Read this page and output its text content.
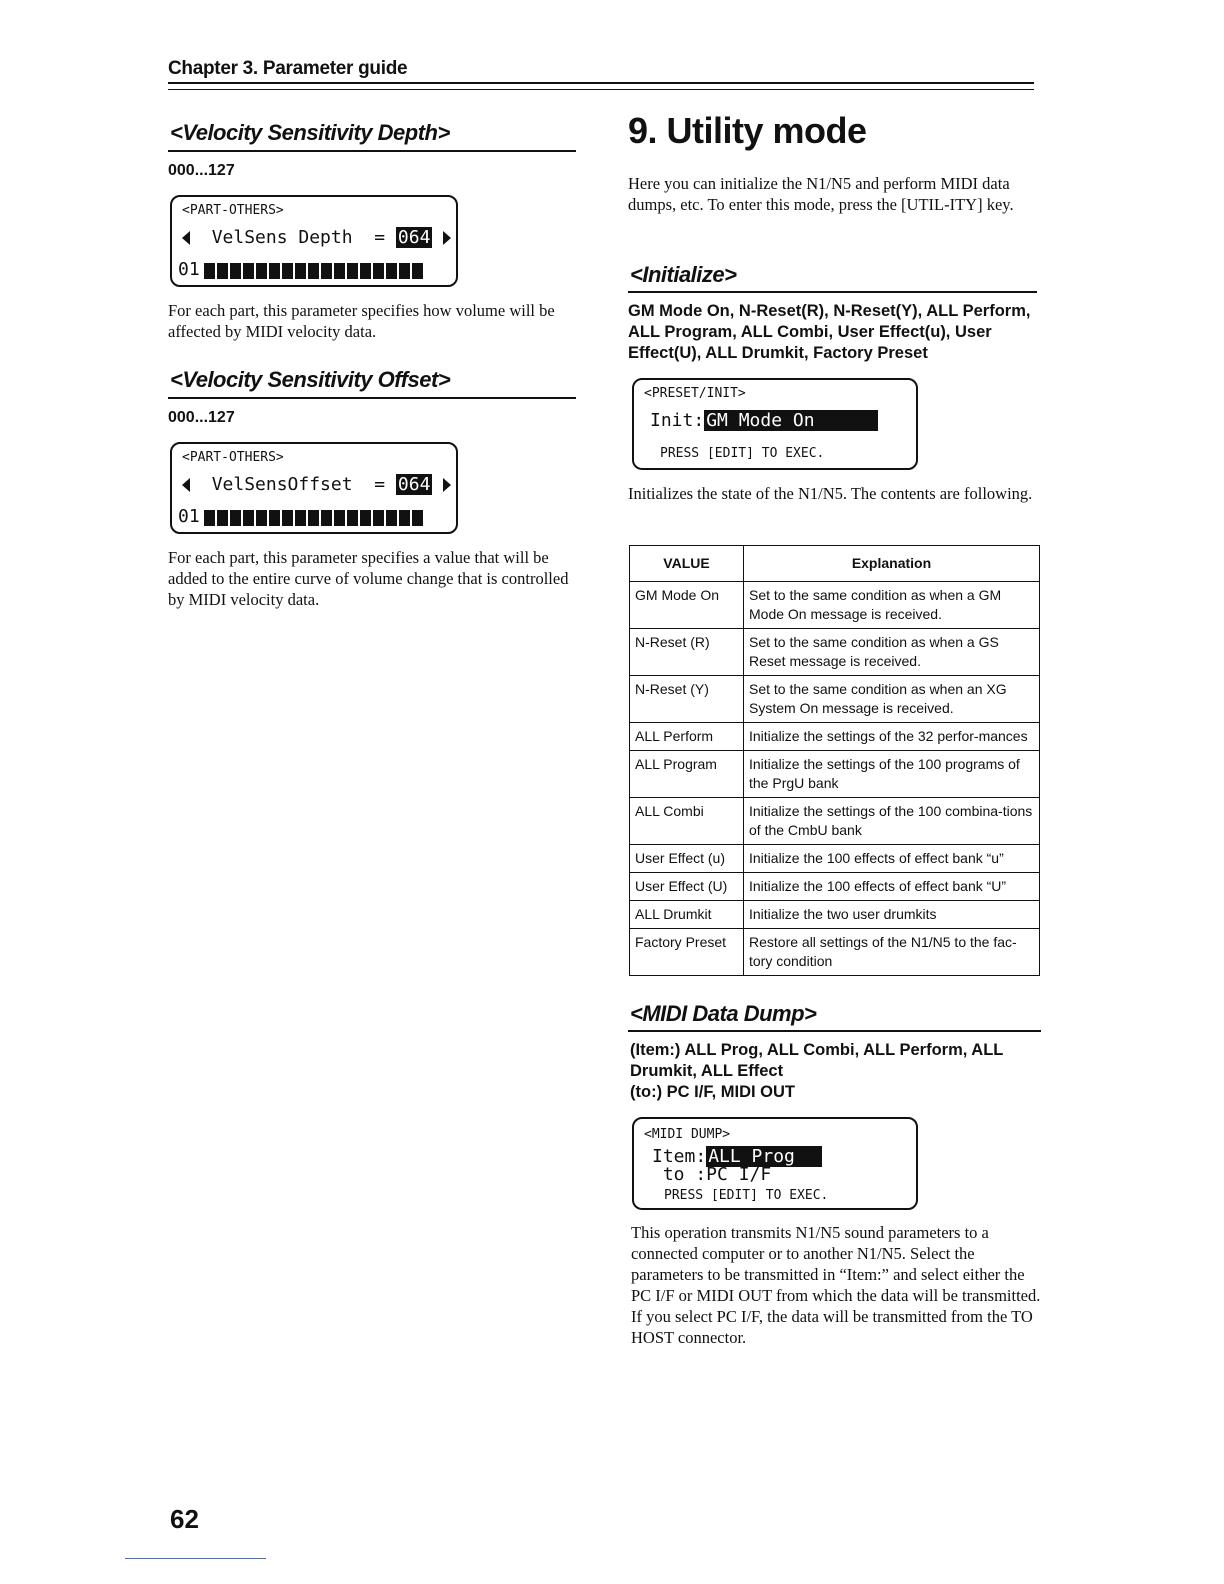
Chapter 3. Parameter guide
<Velocity Sensitivity Depth>
000...127
<PART-OTHERS>
VelSens Depth  = 064
01
For each part, this parameter specifies how volume will be affected by MIDI velocity data.
<Velocity Sensitivity Offset>
000...127
<PART-OTHERS>
VelSensOffset  = 064
01
For each part, this parameter specifies a value that will be added to the entire curve of volume change that is controlled by MIDI velocity data.
9. Utility mode
Here you can initialize the N1/N5 and perform MIDI data dumps, etc. To enter this mode, press the [UTIL-ITY] key.
<Initialize>
GM Mode On, N-Reset(R), N-Reset(Y), ALL Perform, ALL Program, ALL Combi, User Effect(u), User Effect(U), ALL Drumkit, Factory Preset
<PRESET/INIT>
Init: GM Mode On
PRESS [EDIT] TO EXEC.
Initializes the state of the N1/N5. The contents are following.
VALUE	Explanation
GM Mode On	Set to the same condition as when a GM Mode On message is received.
N-Reset (R)	Set to the same condition as when a GS Reset message is received.
N-Reset (Y)	Set to the same condition as when an XG System On message is received.
ALL Perform	Initialize the settings of the 32 perfor-mances
ALL Program	Initialize the settings of the 100 programs of the PrgU bank
ALL Combi	Initialize the settings of the 100 combina-tions of the CmbU bank
User Effect (u)	Initialize the 100 effects of effect bank “u”
User Effect (U)	Initialize the 100 effects of effect bank “U”
ALL Drumkit	Initialize the two user drumkits
Factory Preset	Restore all settings of the N1/N5 to the fac-tory condition
<MIDI Data Dump>
(Item:) ALL Prog, ALL Combi, ALL Perform, ALL Drumkit, ALL Effect
(to:) PC I/F, MIDI OUT
<MIDI DUMP>
Item: ALL Prog
to :PC I/F
PRESS [EDIT] TO EXEC.
This operation transmits N1/N5 sound parameters to a connected computer or to another N1/N5. Select the parameters to be transmitted in “Item:” and select either the PC I/F or MIDI OUT from which the data will be transmitted. If you select PC I/F, the data will be transmitted from the TO HOST connector.
62
